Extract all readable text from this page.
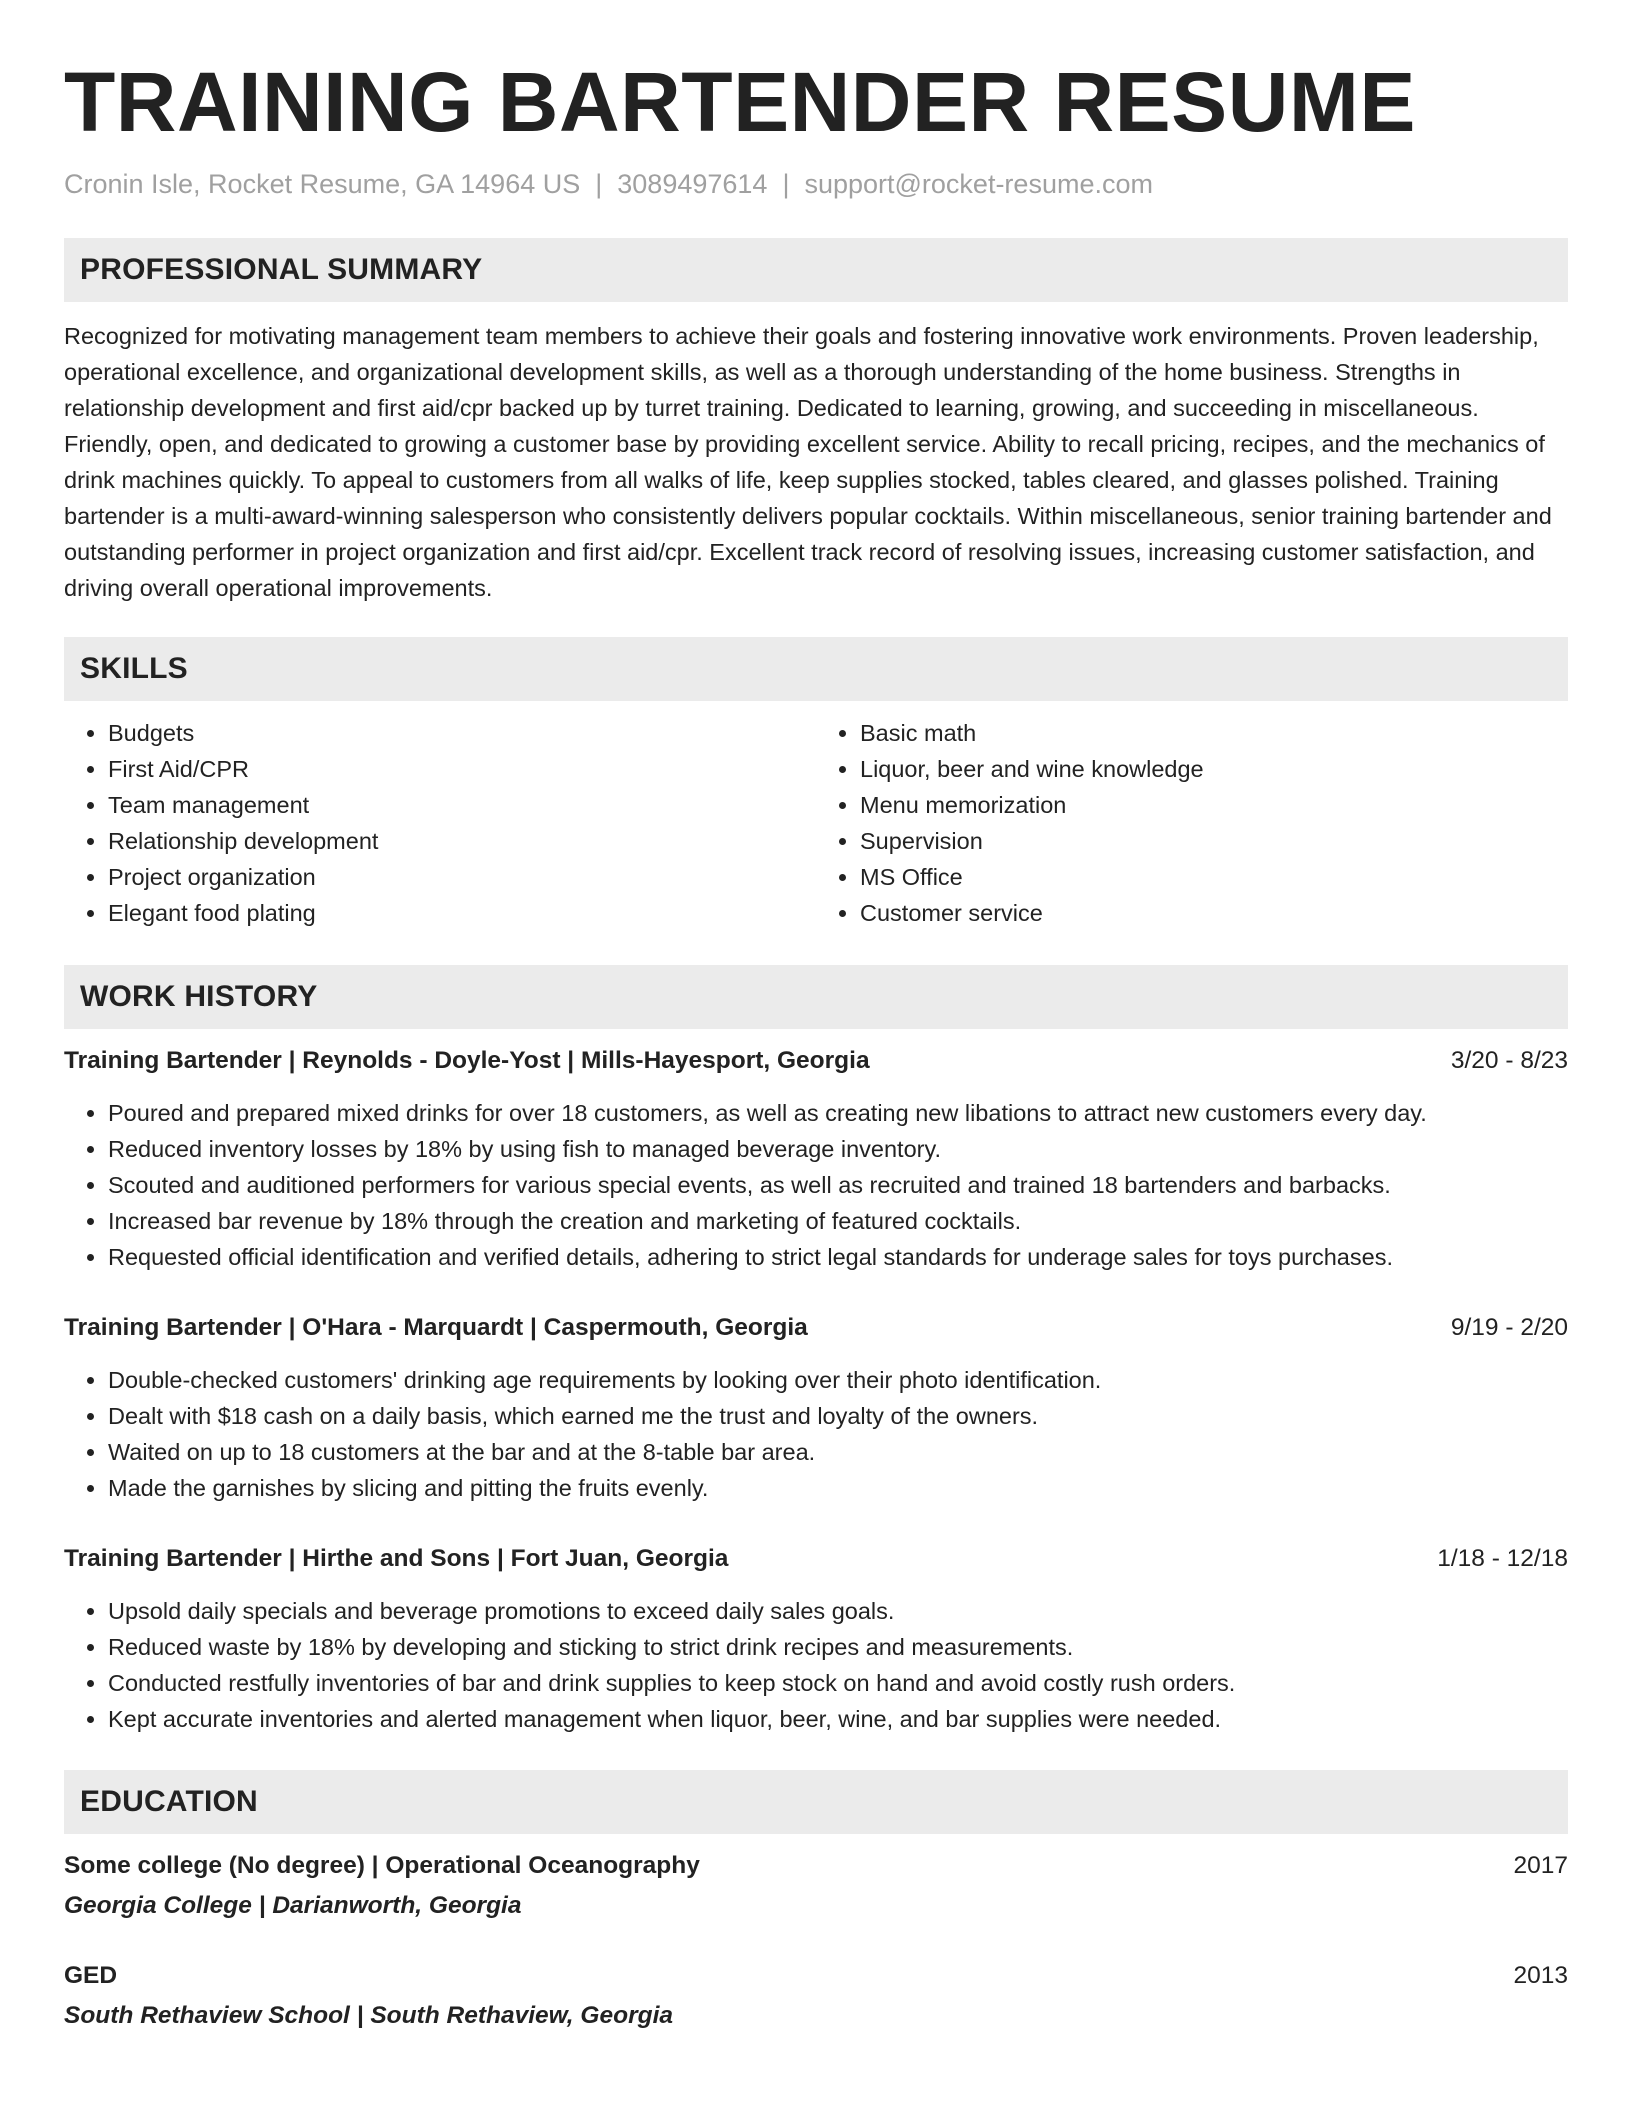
TRAINING BARTENDER RESUME
Cronin Isle, Rocket Resume, GA 14964 US | 3089497614 | support@rocket-resume.com
PROFESSIONAL SUMMARY

Recognized for motivating management team members to achieve their goals and fostering innovative work environments. Proven leadership, operational excellence, and organizational development skills, as well as a thorough understanding of the home business. Strengths in relationship development and first aid/cpr backed up by turret training. Dedicated to learning, growing, and succeeding in miscellaneous. Friendly, open, and dedicated to growing a customer base by providing excellent service. Ability to recall pricing, recipes, and the mechanics of drink machines quickly. To appeal to customers from all walks of life, keep supplies stocked, tables cleared, and glasses polished. Training bartender is a multi-award-winning salesperson who consistently delivers popular cocktails. Within miscellaneous, senior training bartender and outstanding performer in project organization and first aid/cpr. Excellent track record of resolving issues, increasing customer satisfaction, and driving overall operational improvements.

SKILLS
• Budgets
• First Aid/CPR
• Team management
• Relationship development
• Project organization
• Elegant food plating
• Basic math
• Liquor, beer and wine knowledge
• Menu memorization
• Supervision
• MS Office
• Customer service
WORK HISTORY
Training Bartender | Reynolds - Doyle-Yost | Mills-Hayesport, Georgia	3/20 - 8/23
• Poured and prepared mixed drinks for over 18 customers, as well as creating new libations to attract new customers every day.
• Reduced inventory losses by 18% by using fish to managed beverage inventory.
• Scouted and auditioned performers for various special events, as well as recruited and trained 18 bartenders and barbacks.
• Increased bar revenue by 18% through the creation and marketing of featured cocktails.
• Requested official identification and verified details, adhering to strict legal standards for underage sales for toys purchases.
Training Bartender | O'Hara - Marquardt | Caspermouth, Georgia	9/19 - 2/20
• Double-checked customers' drinking age requirements by looking over their photo identification.
• Dealt with $18 cash on a daily basis, which earned me the trust and loyalty of the owners.
• Waited on up to 18 customers at the bar and at the 8-table bar area.
• Made the garnishes by slicing and pitting the fruits evenly.
Training Bartender | Hirthe and Sons | Fort Juan, Georgia	1/18 - 12/18
• Upsold daily specials and beverage promotions to exceed daily sales goals.
• Reduced waste by 18% by developing and sticking to strict drink recipes and measurements.
• Conducted restfully inventories of bar and drink supplies to keep stock on hand and avoid costly rush orders.
• Kept accurate inventories and alerted management when liquor, beer, wine, and bar supplies were needed.
EDUCATION
Some college (No degree) | Operational Oceanography	2017
Georgia College | Darianworth, Georgia
GED	2013
South Rethaview School | South Rethaview, Georgia
